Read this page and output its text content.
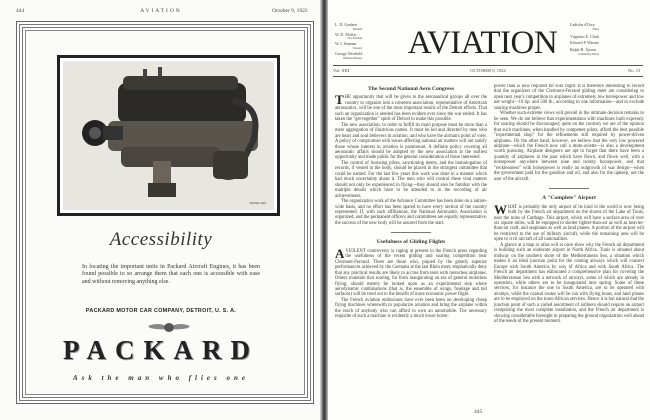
444	AVIATION	October 9, 1922
MODEL 825
Accessibility
In locating the important units in Packard Aircraft Engines, it has been found possible to so arrange them that each one is accessible with ease and without removing anything else.
PACKARD MOTOR CAR COMPANY, DETROIT, U. S. A.
PACKARD
Ask the man who flies one
L. D. Gardner
President
W. D. Moffat
Vice-President
W. I. Seaman
Treasurer
George Newbold
Business Manager AVIATION
Ladislas d'Orcy
Editor
Virginius E. Clark
Edward P. Warner
Ralph H. Upson
Contributing Editors
Vol. XIII	OCTOBER 9, 1922	No. 15
The Second National Aero Congress

THE opportunity that will be given to the aeronautical groups all over the country to organize into a coherent association, representative of American aeronautics, will be one of the most important results of the Detroit efforts. That such an organization is needed has been evident ever since the war ended. It has taken the "get-together" spirit of Detroit to make this possible.

The new association, in order to fulfill its main purpose must be more than a mere aggregation of illustrious names. It must be led and directed by men who are heart and soul believers in aviation, and who have the airman's point of view. A policy of compromise with issues affecting national air matters will not satisfy those whose interest in aviation is paramount. A definite policy covering all aeronautic affairs should be adopted by the new association at the earliest opportunity and made public for the general consideration of those interested.

The control of licensing pilots, sanctioning meets, and the homologation of records, if vested in the body, should be placed in the strongest committee that could be named. For the last few years this work was done in a manner which had much uncertainty about it. The men who will control these vital matters should not only be experienced in flying—they should also be familiar with the multiple details which have to be attended to in the recording of air achievements.

The organization work of the Advance Committee has been done on a nation-wide basis, and no effort has been spared to have every section of the country represented. If, with such affiliations, the National Aeronautic Association is organized, and the permanent officers and committees are equally representative, the success of the new body will be assured from the start.

Usefulness of Gliding Flights

A VIOLENT controversy is raging at present in the French press regarding the usefulness of the recent gliding and soaring competition near Clermont-Ferrand. There are those who, piqued by the greatly superior performances achieved by the Germans at the last Rhön meet, emphatically deny that any practical results are likely to accrue from tests with motorless airplanes. Others maintain that soaring, far from inaugurating an era of general motorless flying, should merely be looked upon as an experimental step where aerodynamic combinations (that is, the ensemble of wings, fuselage and tail surfaces) will be tried out to the benefit of more economic power flight.

The French aviation enthusiasts have ever been keen on developing cheap flying machines wherewith to popularize aviation and bring the airplane within the reach of anybody who can afford to own an automobile. The necessary requisite of such a machine is evidently a much lower horse-

power than is now required for solo flight. It is therefore interesting to record that the organizers of the Clermont-Ferrand gliding meet are considering to open next year's competition to airplanes of extremely low horsepower and low net weight—10 hp. and 500 lb., according to one information—and to exclude soaring machines proper.

Whether such extreme views will prevail in the ultimate decision remains to be seen. We do not believe that experimentation with machines built expressly for soaring should be discouraged; quite on the contrary we are of the opinion that such machines, when handled by competent pilots, afford the best possible "experimental shop" for the refinements still required by power-driven airplanes. On the other hand, however, we believe that the very low powered airplane—which the French now call a moto-aviette—is also a development worth pursuing. Airplane designers are apt to forget that there have been a quantity of airplanes in the past which have flown, and flown well, with a horsepower anywhere between nine and twenty horsepower, and that "recklessness" with horsepower is really an outgrowth of war design—when the government paid for the gasoline and oil, and also for the upkeep, not the user of the aircraft.

A "Complete" Airport

WHAT is probably the only airport of its kind in the world is now being built by the French air department on the shores of the Lake of Tunis, near the ruins of Carthage. This airport, which will have a surface area of over six square miles, will be equipped to shelter lighter-than-air as well as heavier-than-air craft, and seaplanes as well as land planes. A portion of the airport will be restricted to the use of military aircraft, while the remaining area will be open to civil aircraft of all nationalities.

A glance at a map or atlas will at once show why the French air department is building such an elaborate airport in North Africa. Tunis is situated about midway on the southern shore of the Mediterranean Sea, a situation which makes it an ideal junction point for the coming airways which will connect Europe with South America by way of Africa and with South Africa. The French air department has elaborated a comprehensive plan for covering the Mediterranean Sea with a network of airways, some of which are already in operation, while others are to be inaugurated next spring. Some of these services, for instance the one to South America, are to be operated with airships, while the coastal routes will be run with flying boats, and land planes are to be employed on the trans-African services. Hence it is but natural that the junction point of such a varied assortment of airliners should require an airport comprising the most complete installation, and the French air department is showing considerable foresight in preparing the ground organization well ahead of the needs of the present moment.

445
